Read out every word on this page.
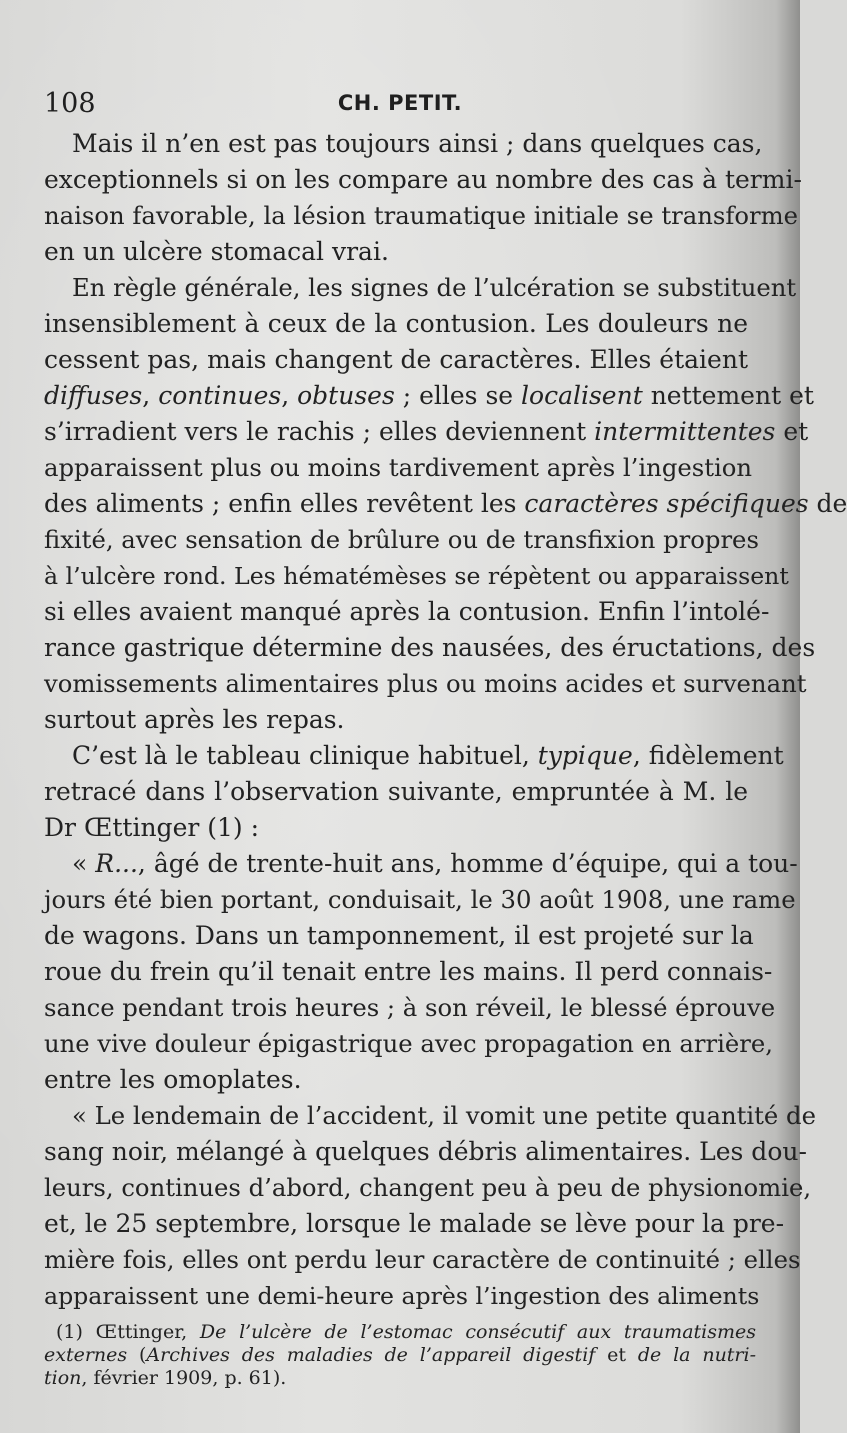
108	CH. PETIT.
Mais il n’en est pas toujours ainsi ; dans quelques cas,
exceptionnels si on les compare au nombre des cas à termi-
naison favorable, la lésion traumatique initiale se transforme
en un ulcère stomacal vrai.
En règle générale, les signes de l’ulcération se substituent
insensiblement à ceux de la contusion. Les douleurs ne
cessent pas, mais changent de caractères. Elles étaient
diffuses, continues, obtuses ; elles se localisent nettement et
s’irradient vers le rachis ; elles deviennent intermittentes et
apparaissent plus ou moins tardivement après l’ingestion
des aliments ; enfin elles revêtent les caractères spécifiques de
fixité, avec sensation de brûlure ou de transfixion propres
à l’ulcère rond. Les hématémèses se répètent ou apparaissent
si elles avaient manqué après la contusion. Enfin l’intolé-
rance gastrique détermine des nausées, des éructations, des
vomissements alimentaires plus ou moins acides et survenant
surtout après les repas.
C’est là le tableau clinique habituel, typique, fidèlement
retracé dans l’observation suivante, empruntée à M. le
Dr Œttinger (1) :
« R..., âgé de trente-huit ans, homme d’équipe, qui a tou-
jours été bien portant, conduisait, le 30 août 1908, une rame
de wagons. Dans un tamponnement, il est projeté sur la
roue du frein qu’il tenait entre les mains. Il perd connais-
sance pendant trois heures ; à son réveil, le blessé éprouve
une vive douleur épigastrique avec propagation en arrière,
entre les omoplates.
« Le lendemain de l’accident, il vomit une petite quantité de
sang noir, mélangé à quelques débris alimentaires. Les dou-
leurs, continues d’abord, changent peu à peu de physionomie,
et, le 25 septembre, lorsque le malade se lève pour la pre-
mière fois, elles ont perdu leur caractère de continuité ; elles
apparaissent une demi-heure après l’ingestion des aliments
(1) Œttinger, De l’ulcère de l’estomac consécutif aux traumatismes
externes (Archives des maladies de l’appareil digestif et de la nutri-
tion, février 1909, p. 61).
